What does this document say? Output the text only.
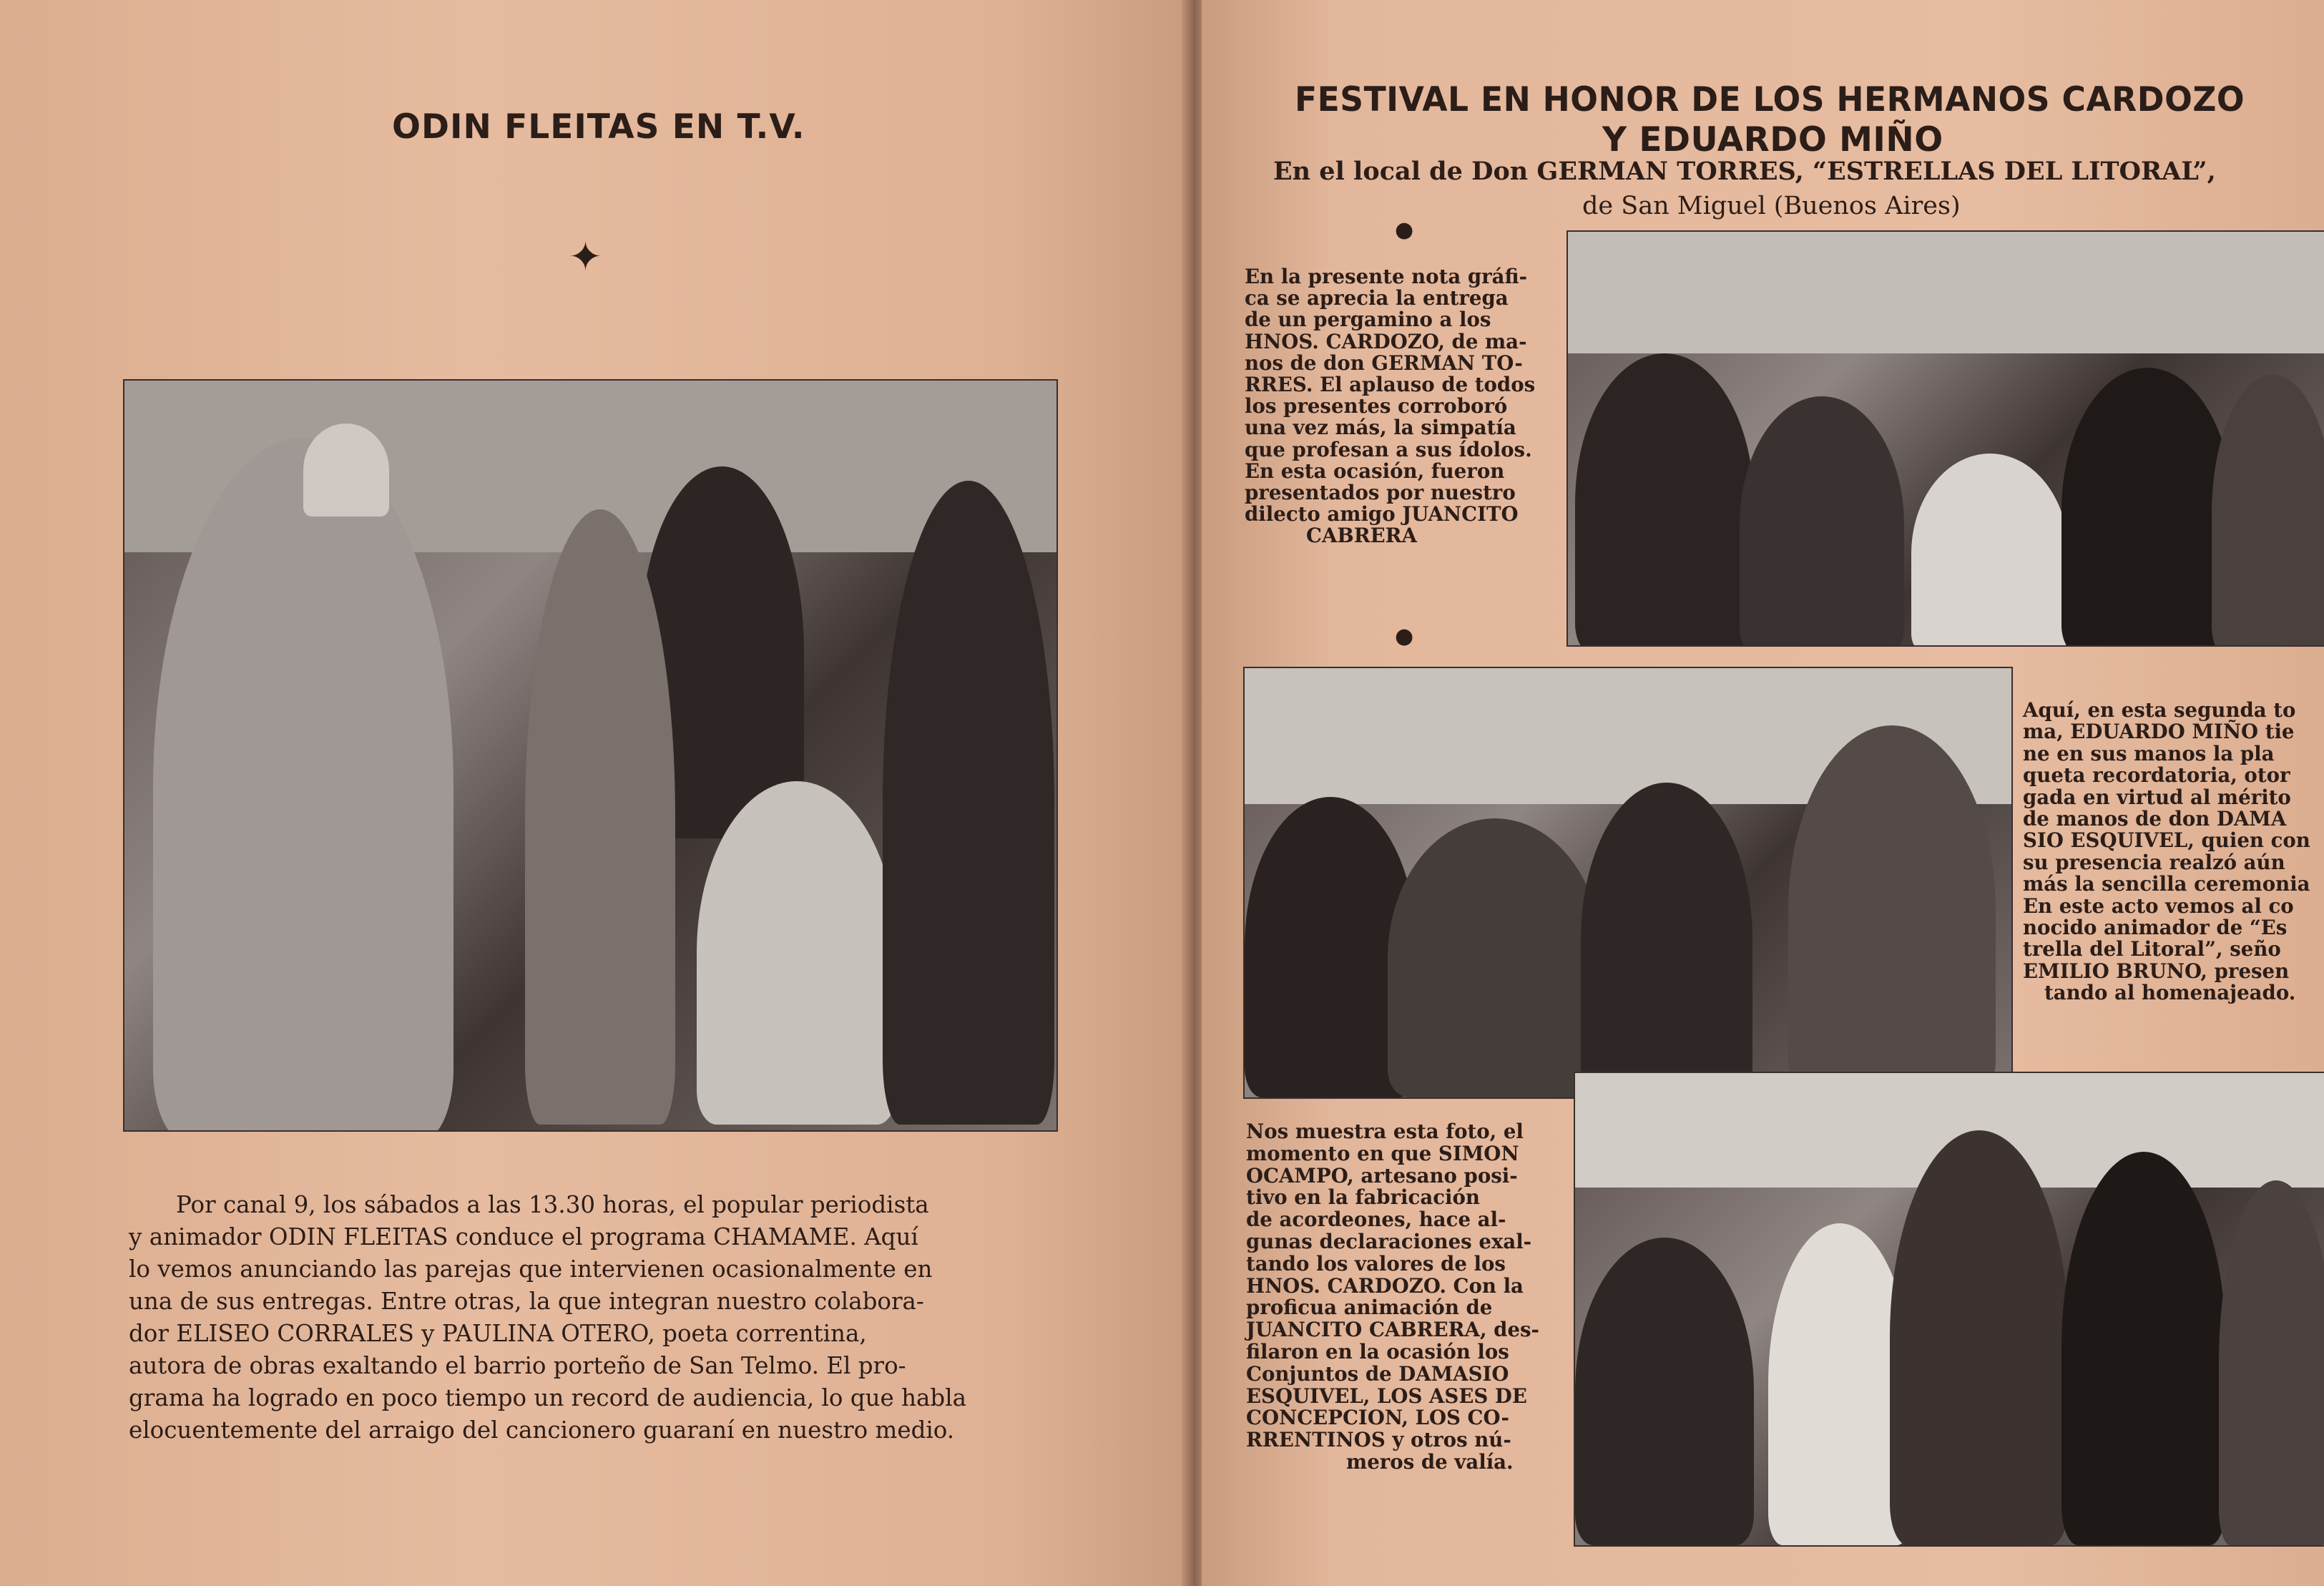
ODIN FLEITAS EN T.V.
✦
Por canal 9, los sábados a las 13.30 horas, el popular periodista
y animador ODIN FLEITAS conduce el programa CHAMAME. Aquí
lo vemos anunciando las parejas que intervienen ocasionalmente en
una de sus entregas. Entre otras, la que integran nuestro colabora-
dor ELISEO CORRALES y PAULINA OTERO, poeta correntina,
autora de obras exaltando el barrio porteño de San Telmo. El pro-
grama ha logrado en poco tiempo un record de audiencia, lo que habla
elocuentemente del arraigo del cancionero guaraní en nuestro medio.
FESTIVAL EN HONOR DE LOS HERMANOS CARDOZO
Y EDUARDO MIÑO
En el local de Don GERMAN TORRES, “ESTRELLAS DEL LITORAL”,
de San Miguel (Buenos Aires)
●
En la presente nota gráfi-
ca se aprecia la entrega
de un pergamino a los
HNOS. CARDOZO, de ma-
nos de don GERMAN TO-
RRES. El aplauso de todos
los presentes corroboró
una vez más, la simpatía
que profesan a sus ídolos.
En esta ocasión, fueron
presentados por nuestro
dilecto amigo JUANCITO
CABRERA
●
Aquí, en esta segunda to
ma, EDUARDO MIÑO tie
ne en sus manos la pla
queta recordatoria, otor
gada en virtud al mérito
de manos de don DAMA
SIO ESQUIVEL, quien con
su presencia realzó aún
más la sencilla ceremonia
En este acto vemos al co
nocido animador de “Es
trella del Litoral”, seño
EMILIO BRUNO, presen
tando al homenajeado.
Nos muestra esta foto, el
momento en que SIMON
OCAMPO, artesano posi-
tivo en la fabricación
de acordeones, hace al-
gunas declaraciones exal-
tando los valores de los
HNOS. CARDOZO. Con la
proficua animación de
JUANCITO CABRERA, des-
filaron en la ocasión los
Conjuntos de DAMASIO
ESQUIVEL, LOS ASES DE
CONCEPCION, LOS CO-
RRENTINOS y otros nú-
meros de valía.
